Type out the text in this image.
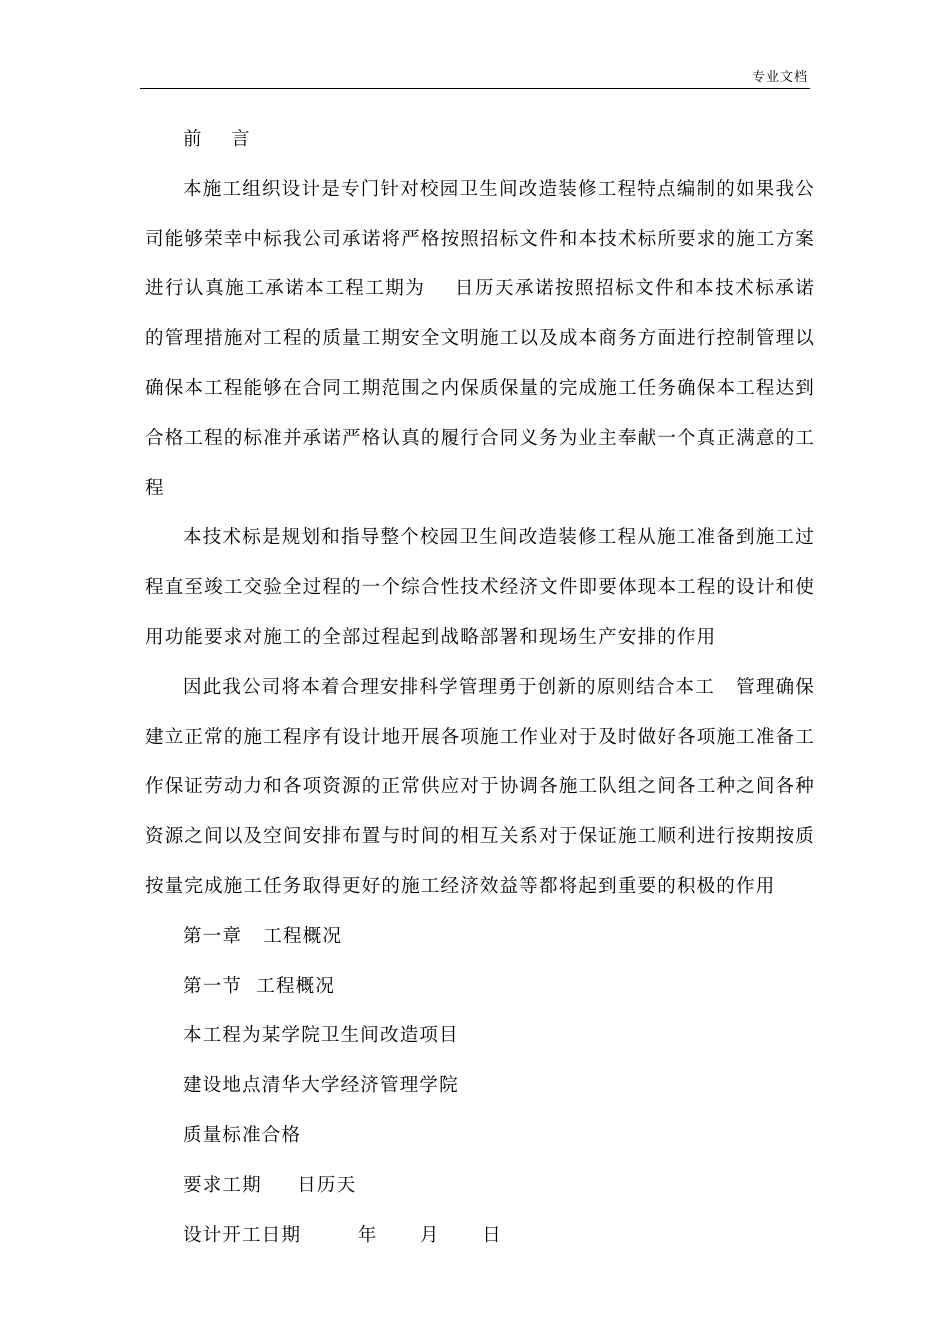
专业文档

前    言

本施工组织设计是专门针对校园卫生间改造装修工程特点编制的如果我公司能够荣幸中标我公司承诺将严格按照招标文件和本技术标所要求的施工方案进行认真施工承诺本工程工期为    日历天承诺按照招标文件和本技术标承诺的管理措施对工程的质量工期安全文明施工以及成本商务方面进行控制管理以确保本工程能够在合同工期范围之内保质保量的完成施工任务确保本工程达到合格工程的标准并承诺严格认真的履行合同义务为业主奉献一个真正满意的工程

本技术标是规划和指导整个校园卫生间改造装修工程从施工准备到施工过程直至竣工交验全过程的一个综合性技术经济文件即要体现本工程的设计和使用功能要求对施工的全部过程起到战略部署和现场生产安排的作用

因此我公司将本着合理安排科学管理勇于创新的原则结合本工   管理确保建立正常的施工程序有设计地开展各项施工作业对于及时做好各项施工准备工作保证劳动力和各项资源的正常供应对于协调各施工队组之间各工种之间各种资源之间以及空间安排布置与时间的相互关系对于保证施工顺利进行按期按质按量完成施工任务取得更好的施工经济效益等都将起到重要的积极的作用

第一章   工程概况

第一节  工程概况

本工程为某学院卫生间改造项目

建设地点清华大学经济管理学院

质量标准合格

要求工期     日历天

设计开工日期        年      月      日
